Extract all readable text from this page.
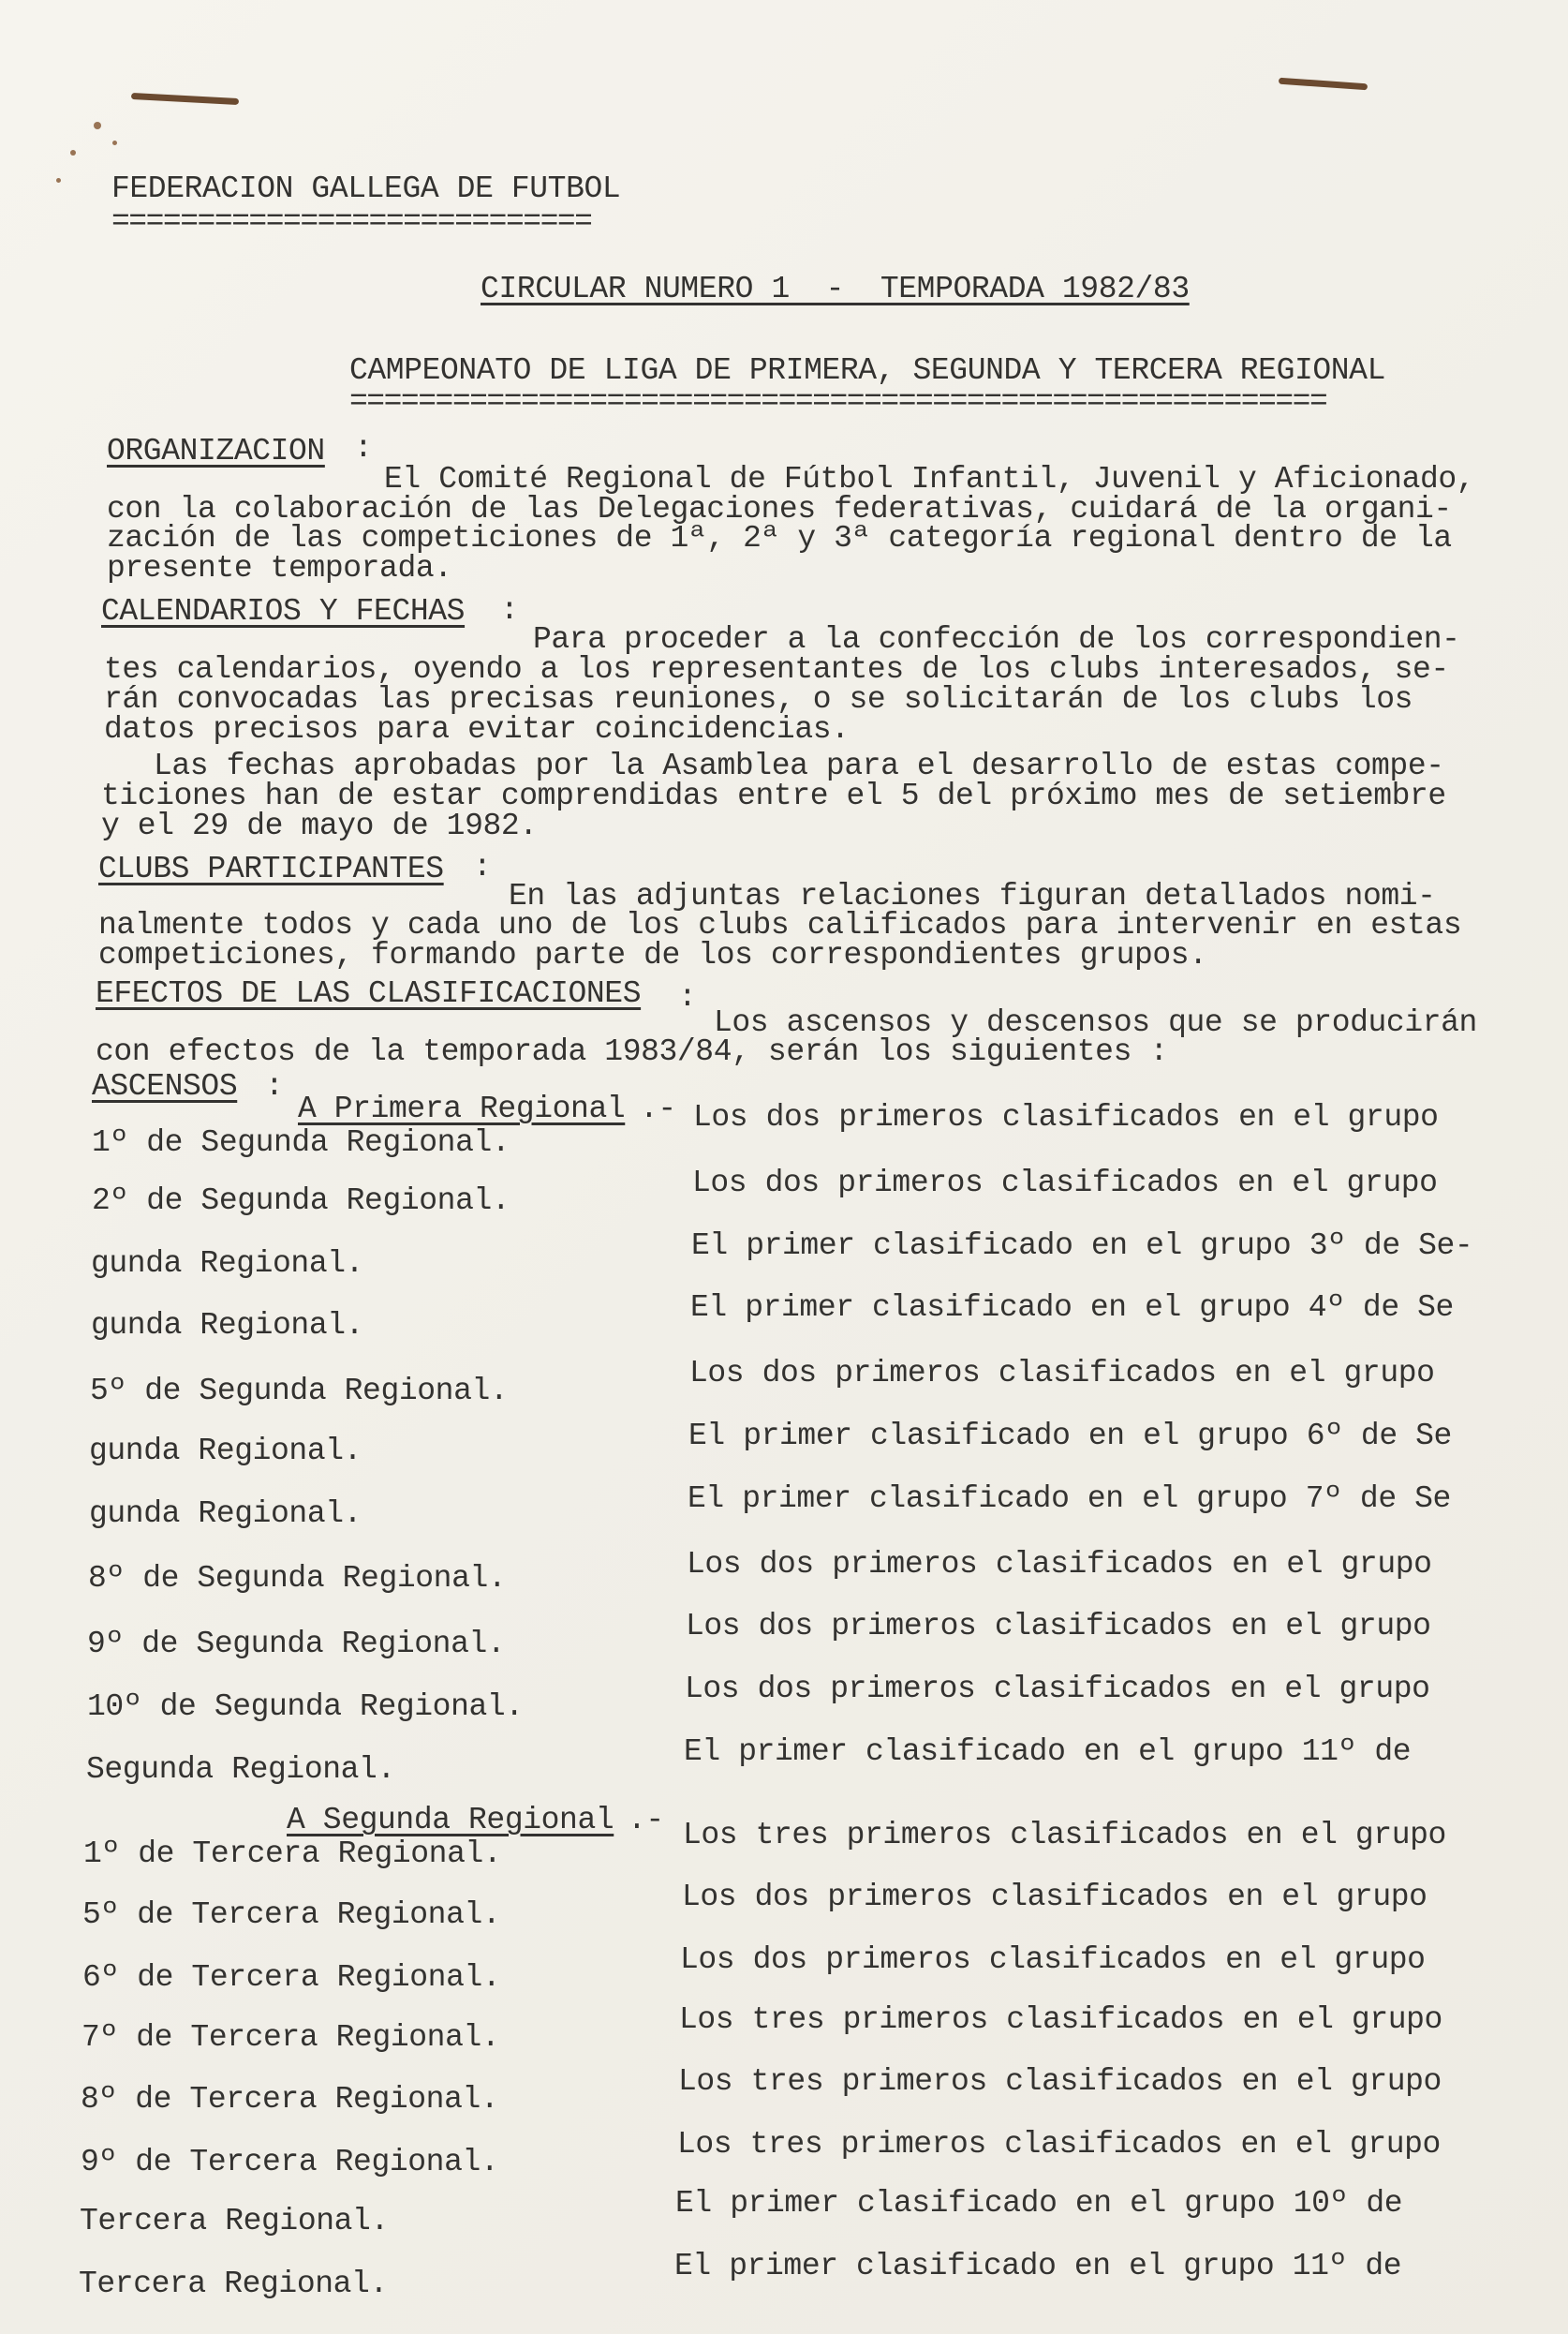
FEDERACION GALLEGA DE FUTBOL
============================
CIRCULAR NUMERO 1  -  TEMPORADA 1982/83
CAMPEONATO DE LIGA DE PRIMERA, SEGUNDA Y TERCERA REGIONAL
=========================================================
ORGANIZACION :
El Comité Regional de Fútbol Infantil, Juvenil y Aficionado,
con la colaboración de las Delegaciones federativas, cuidará de la organi-
zación de las competiciones de 1ª, 2ª y 3ª categoría regional dentro de la
presente temporada.
CALENDARIOS Y FECHAS :
Para proceder a la confección de los correspondien-
tes calendarios, oyendo a los representantes de los clubs interesados, se-
rán convocadas las precisas reuniones, o se solicitarán de los clubs los
datos precisos para evitar coincidencias.
Las fechas aprobadas por la Asamblea para el desarrollo de estas compe-
ticiones han de estar comprendidas entre el 5 del próximo mes de setiembre
y el 29 de mayo de 1982.
CLUBS PARTICIPANTES :
En las adjuntas relaciones figuran detallados nomi-
nalmente todos y cada uno de los clubs calificados para intervenir en estas
competiciones, formando parte de los correspondientes grupos.
EFECTOS DE LAS CLASIFICACIONES :
Los ascensos y descensos que se producirán
con efectos de la temporada 1983/84, serán los siguientes :
ASCENSOS :
A Primera Regional .-
A Segunda Regional .-
Los dos primeros clasificados en el grupo
1º de Segunda Regional.
Los dos primeros clasificados en el grupo
2º de Segunda Regional.
El primer clasificado en el grupo 3º de Se-
gunda Regional.
El primer clasificado en el grupo 4º de Se
gunda Regional.
Los dos primeros clasificados en el grupo
5º de Segunda Regional.
El primer clasificado en el grupo 6º de Se
gunda Regional.
El primer clasificado en el grupo 7º de Se
gunda Regional.
Los dos primeros clasificados en el grupo
8º de Segunda Regional.
Los dos primeros clasificados en el grupo
9º de Segunda Regional.
Los dos primeros clasificados en el grupo
10º de Segunda Regional.
El primer clasificado en el grupo 11º de
Segunda Regional.
Los tres primeros clasificados en el grupo
1º de Tercera Regional.
Los dos primeros clasificados en el grupo
5º de Tercera Regional.
Los dos primeros clasificados en el grupo
6º de Tercera Regional.
Los tres primeros clasificados en el grupo
7º de Tercera Regional.
Los tres primeros clasificados en el grupo
8º de Tercera Regional.
Los tres primeros clasificados en el grupo
9º de Tercera Regional.
El primer clasificado en el grupo 10º de
Tercera Regional.
El primer clasificado en el grupo 11º de
Tercera Regional.
